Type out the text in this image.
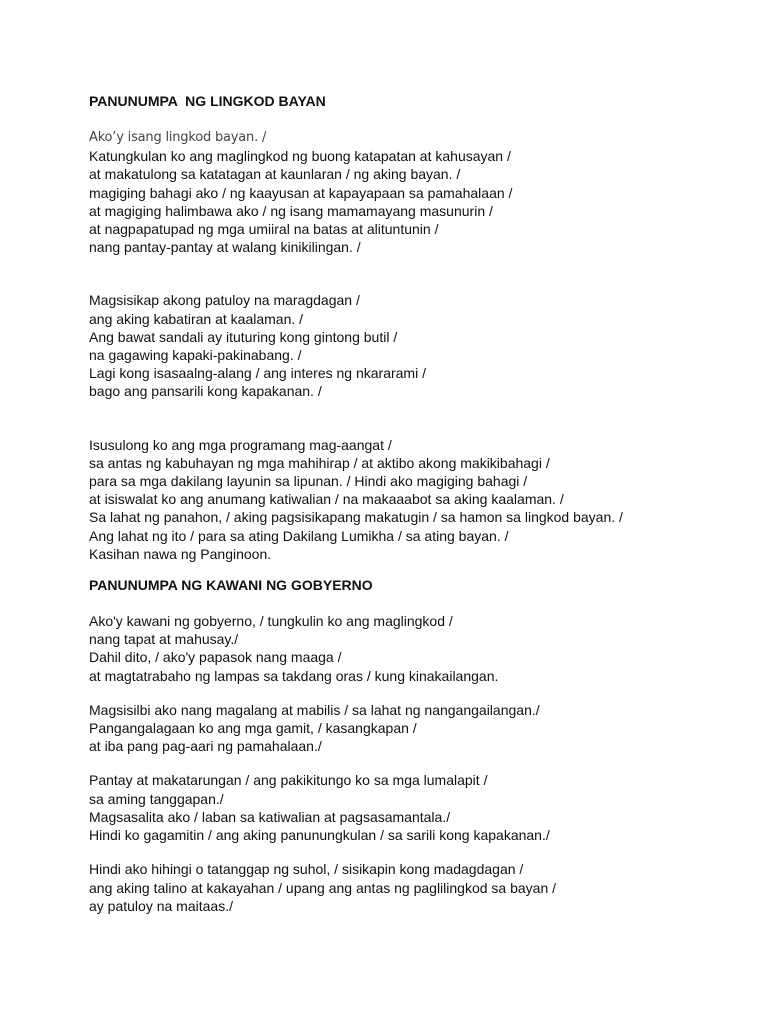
PANUNUMPA  NG LINGKOD BAYAN
Ako’y isang lingkod bayan. /
Katungkulan ko ang maglingkod ng buong katapatan at kahusayan /
at makatulong sa katatagan at kaunlaran / ng aking bayan. /
magiging bahagi ako / ng kaayusan at kapayapaan sa pamahalaan /
at magiging halimbawa ako / ng isang mamamayang masunurin /
at nagpapatupad ng mga umiiral na batas at alituntunin /
nang pantay-pantay at walang kinikilingan. /
Magsisikap akong patuloy na maragdagan /
ang aking kabatiran at kaalaman. /
Ang bawat sandali ay ituturing kong gintong butil /
na gagawing kapaki-pakinabang. /
Lagi kong isasaalng-alang / ang interes ng nkararami /
bago ang pansarili kong kapakanan. /
Isusulong ko ang mga programang mag-aangat /
sa antas ng kabuhayan ng mga mahihirap / at aktibo akong makikibahagi /
para sa mga dakilang layunin sa lipunan. / Hindi ako magiging bahagi /
at isiswalat ko ang anumang katiwalian / na makaaabot sa aking kaalaman. /
Sa lahat ng panahon, / aking pagsisikapang makatugin / sa hamon sa lingkod bayan. /
Ang lahat ng ito / para sa ating Dakilang Lumikha / sa ating bayan. /
Kasihan nawa ng Panginoon.
PANUNUMPA NG KAWANI NG GOBYERNO
Ako'y kawani ng gobyerno, / tungkulin ko ang maglingkod /
nang tapat at mahusay./
Dahil dito, / ako'y papasok nang maaga /
at magtatrabaho ng lampas sa takdang oras / kung kinakailangan.
Magsisilbi ako nang magalang at mabilis / sa lahat ng nangangailangan./
Pangangalagaan ko ang mga gamit, / kasangkapan /
at iba pang pag-aari ng pamahalaan./
Pantay at makatarungan / ang pakikitungo ko sa mga lumalapit /
sa aming tanggapan./
Magsasalita ako / laban sa katiwalian at pagsasamantala./
Hindi ko gagamitin / ang aking panunungkulan / sa sarili kong kapakanan./
Hindi ako hihingi o tatanggap ng suhol, / sisikapin kong madagdagan /
ang aking talino at kakayahan / upang ang antas ng paglilingkod sa bayan /
ay patuloy na maitaas./
